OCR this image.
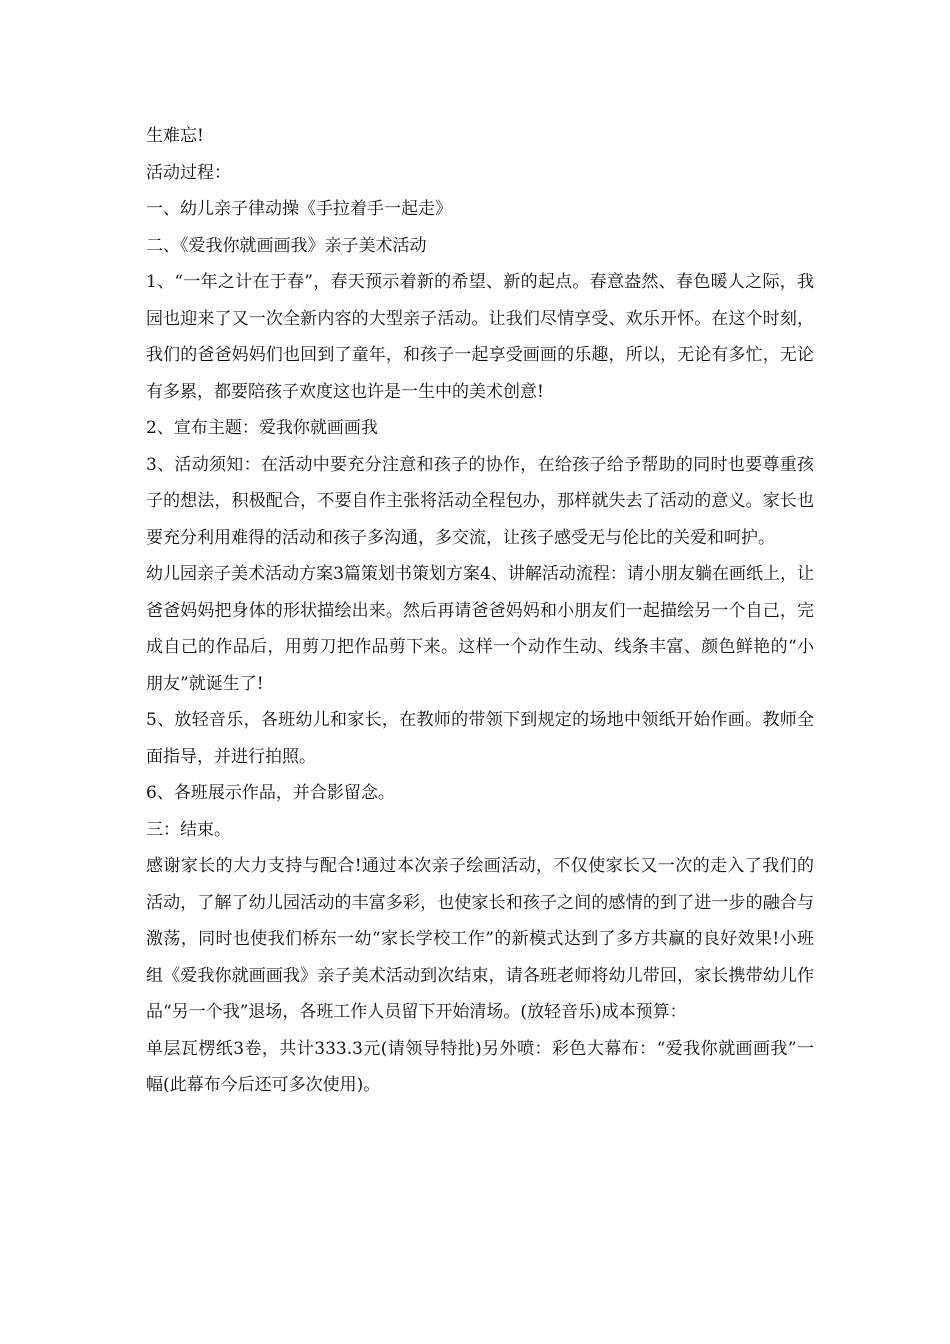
生难忘!

活动过程：

一、幼儿亲子律动操《手拉着手一起走》

二、《爱我你就画画我》亲子美术活动

1、“一年之计在于春”，春天预示着新的希望、新的起点。春意盎然、春色暖人之际，我园也迎来了又一次全新内容的大型亲子活动。让我们尽情享受、欢乐开怀。在这个时刻，我们的爸爸妈妈们也回到了童年，和孩子一起享受画画的乐趣，所以，无论有多忙，无论有多累，都要陪孩子欢度这也许是一生中的美术创意!

2、宣布主题：爱我你就画画我

3、活动须知：在活动中要充分注意和孩子的协作，在给孩子给予帮助的同时也要尊重孩子的想法，积极配合，不要自作主张将活动全程包办，那样就失去了活动的意义。家长也要充分利用难得的活动和孩子多沟通，多交流，让孩子感受无与伦比的关爱和呵护。

幼儿园亲子美术活动方案3篇策划书策划方案4、讲解活动流程：请小朋友躺在画纸上，让爸爸妈妈把身体的形状描绘出来。然后再请爸爸妈妈和小朋友们一起描绘另一个自己，完成自己的作品后，用剪刀把作品剪下来。这样一个动作生动、线条丰富、颜色鲜艳的“小朋友”就诞生了!

5、放轻音乐，各班幼儿和家长，在教师的带领下到规定的场地中领纸开始作画。教师全面指导，并进行拍照。

6、各班展示作品，并合影留念。

三：结束。

感谢家长的大力支持与配合!通过本次亲子绘画活动，不仅使家长又一次的走入了我们的活动，了解了幼儿园活动的丰富多彩，也使家长和孩子之间的感情的到了进一步的融合与激荡，同时也使我们桥东一幼“家长学校工作”的新模式达到了多方共赢的良好效果!小班组《爱我你就画画我》亲子美术活动到次结束，请各班老师将幼儿带回，家长携带幼儿作品“另一个我”退场，各班工作人员留下开始清场。(放轻音乐)成本预算：

单层瓦楞纸3卷，共计333.3元(请领导特批)另外喷：彩色大幕布：“爱我你就画画我”一幅(此幕布今后还可多次使用)。
